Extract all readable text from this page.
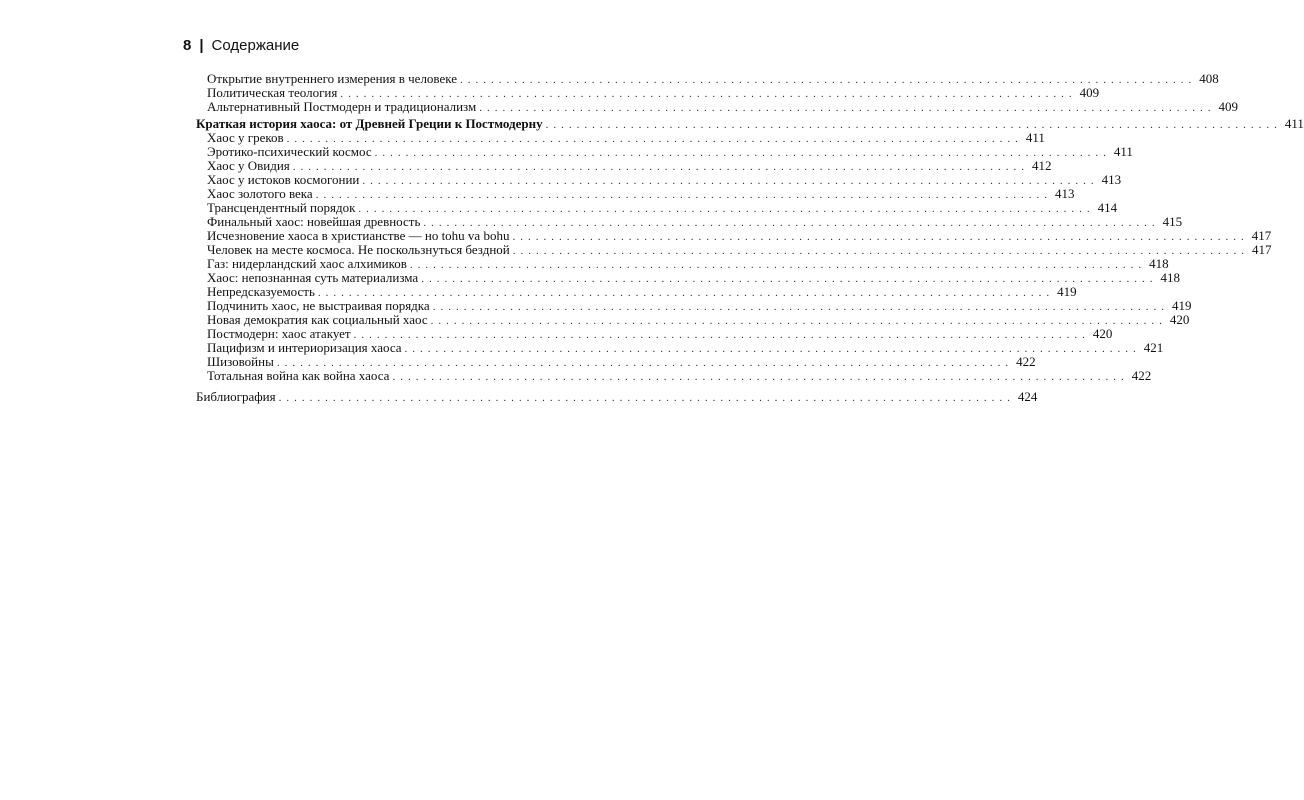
8 | Содержание
Открытие внутреннего измерения в человеке ............................................................................................... 408
Политическая теология ............................................................................................... 409
Альтернативный Постмодерн и традиционализм ............................................................................................... 409
Краткая история хаоса: от Древней Греции к Постмодерну ............................................................................................... 411
Хаос у греков ............................................................................................... 411
Эротико-психический космос ............................................................................................... 411
Хаос у Овидия ............................................................................................... 412
Хаос у истоков космогонии ............................................................................................... 413
Хаос золотого века ............................................................................................... 413
Трансцендентный порядок ............................................................................................... 414
Финальный хаос: новейшая древность ............................................................................................... 415
Исчезновение хаоса в христианстве — но tohu va bohu ............................................................................................... 417
Человек на месте космоса. Не поскользнуться бездной ............................................................................................... 417
Газ: нидерландский хаос алхимиков ............................................................................................... 418
Хаос: непознанная суть материализма ............................................................................................... 418
Непредсказуемость ............................................................................................... 419
Подчинить хаос, не выстраивая порядка ............................................................................................... 419
Новая демократия как социальный хаос ............................................................................................... 420
Постмодерн: хаос атакует ............................................................................................... 420
Пацифизм и интериоризация хаоса ............................................................................................... 421
Шизовойны ............................................................................................... 422
Тотальная война как война хаоса ............................................................................................... 422
Библиография ............................................................................................... 424
